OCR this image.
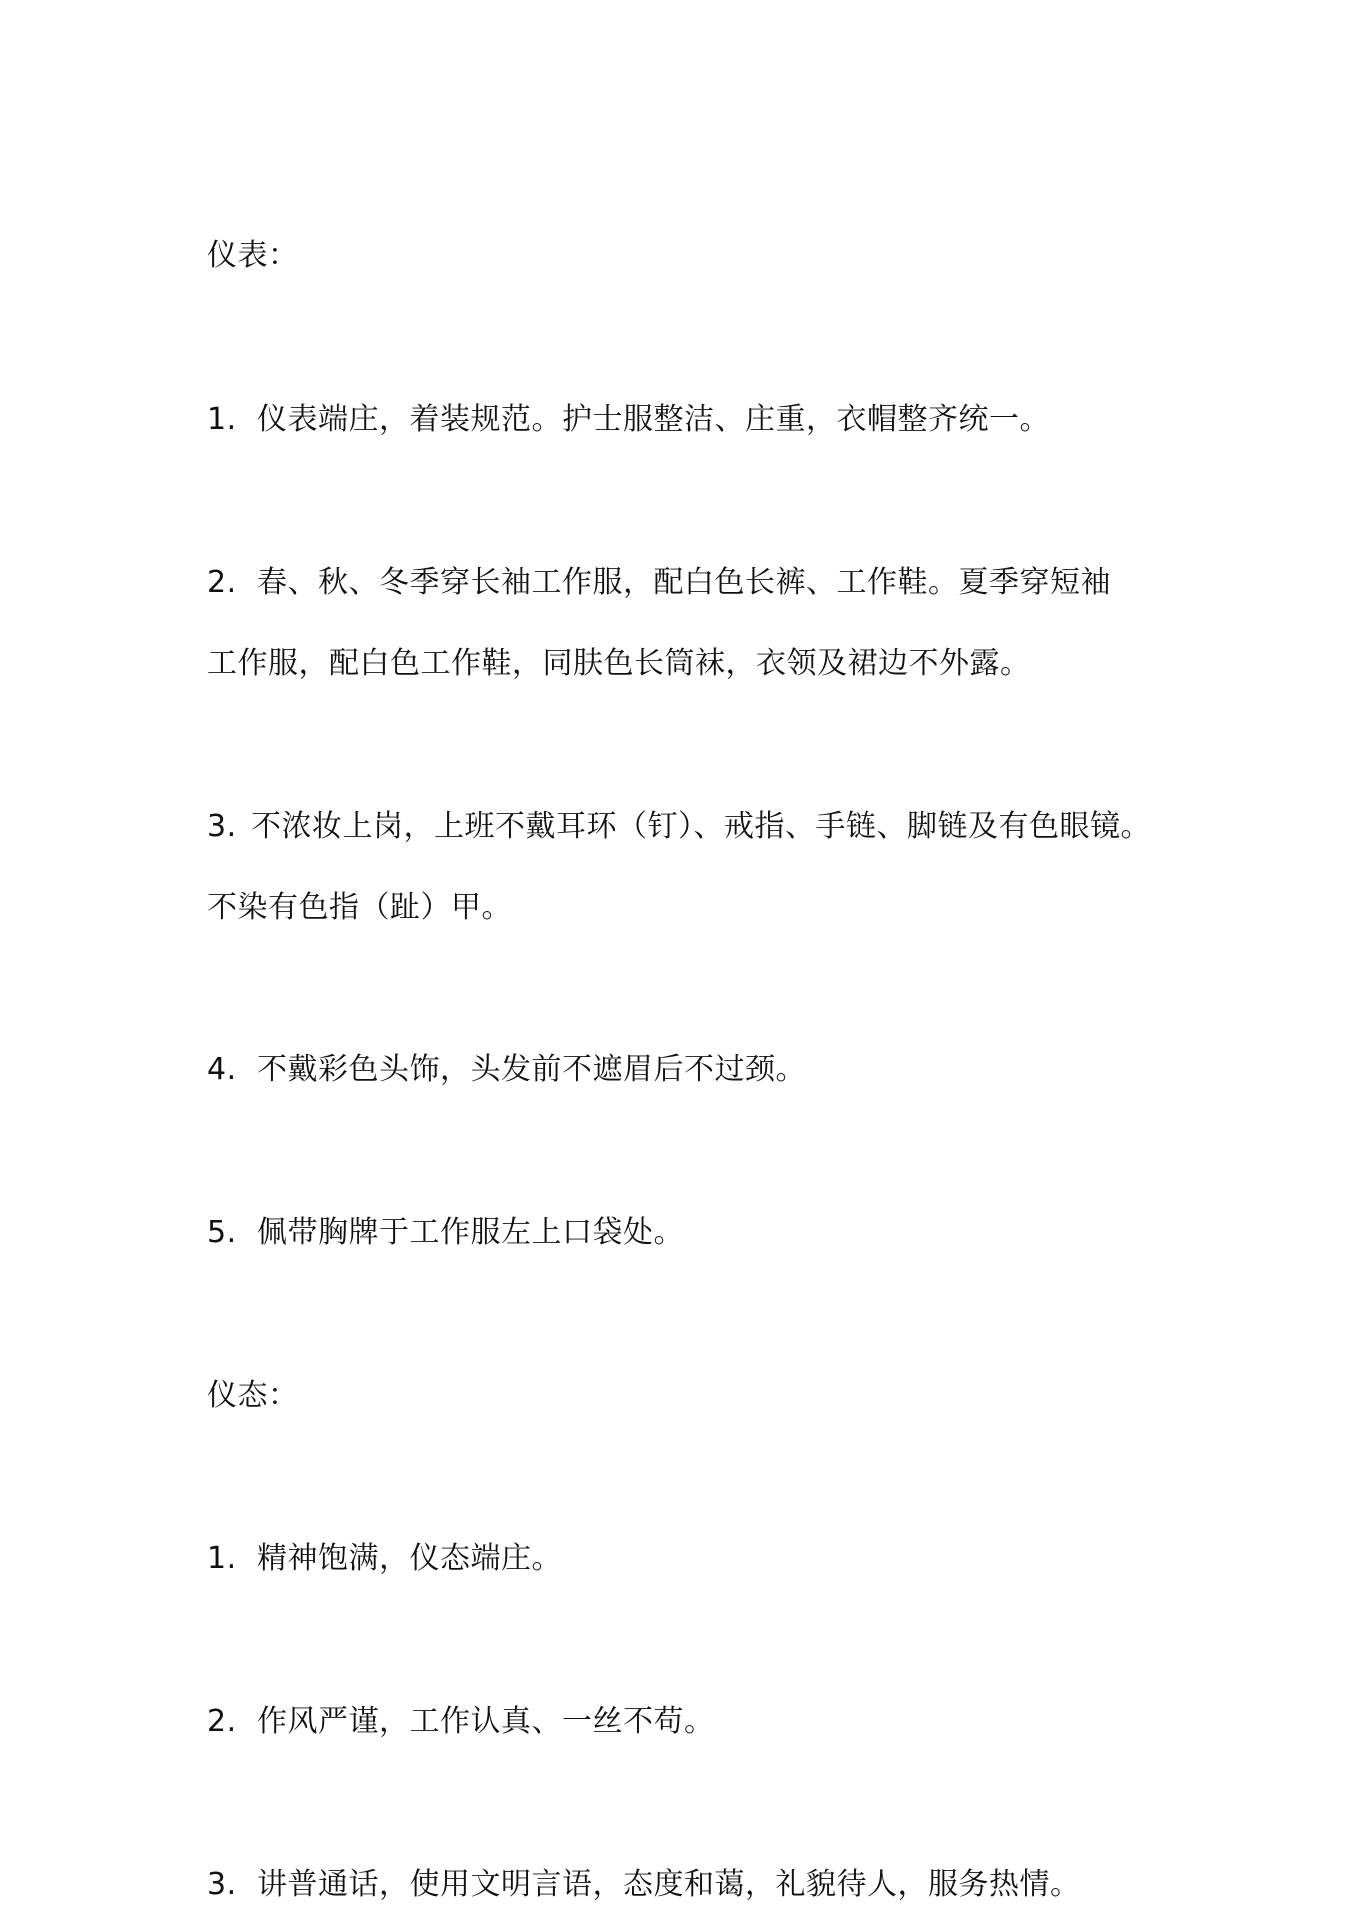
仪表：
1. 仪表端庄，着装规范。护士服整洁、庄重，衣帽整齐统一。
2. 春、秋、冬季穿长袖工作服，配白色长裤、工作鞋。夏季穿短袖
工作服，配白色工作鞋，同肤色长筒袜，衣领及裙边不外露。
3. 不浓妆上岗，上班不戴耳环（钉）、戒指、手链、脚链及有色眼镜。
不染有色指（趾）甲。
4. 不戴彩色头饰，头发前不遮眉后不过颈。
5. 佩带胸牌于工作服左上口袋处。
仪态：
1. 精神饱满，仪态端庄。
2. 作风严谨，工作认真、一丝不苟。
3. 讲普通话，使用文明言语，态度和蔼，礼貌待人，服务热情。
